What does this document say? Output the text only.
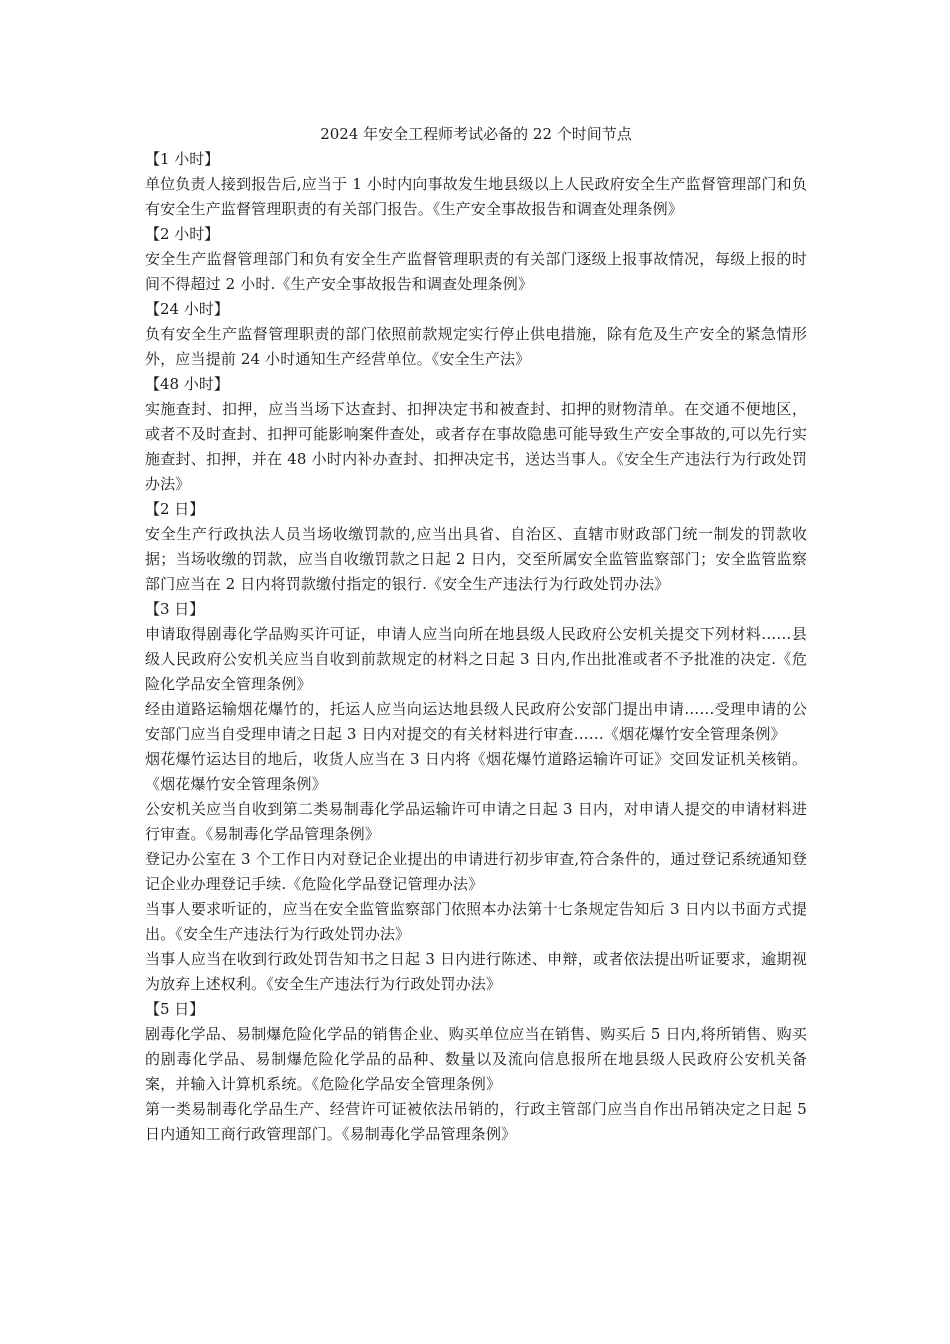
2024 年安全工程师考试必备的 22 个时间节点

【1 小时】

单位负责人接到报告后,应当于 1 小时内向事故发生地县级以上人民政府安全生产监督管理部门和负有安全生产监督管理职责的有关部门报告。《生产安全事故报告和调查处理条例》

【2 小时】

安全生产监督管理部门和负有安全生产监督管理职责的有关部门逐级上报事故情况，每级上报的时间不得超过 2 小时.《生产安全事故报告和调查处理条例》

【24 小时】

负有安全生产监督管理职责的部门依照前款规定实行停止供电措施，除有危及生产安全的紧急情形外，应当提前 24 小时通知生产经营单位。《安全生产法》

【48 小时】

实施查封、扣押，应当当场下达查封、扣押决定书和被查封、扣押的财物清单。在交通不便地区，或者不及时查封、扣押可能影响案件查处，或者存在事故隐患可能导致生产安全事故的,可以先行实施查封、扣押，并在 48 小时内补办查封、扣押决定书，送达当事人。《安全生产违法行为行政处罚办法》

【2 日】

安全生产行政执法人员当场收缴罚款的,应当出具省、自治区、直辖市财政部门统一制发的罚款收据；当场收缴的罚款，应当自收缴罚款之日起 2 日内，交至所属安全监管监察部门；安全监管监察部门应当在 2 日内将罚款缴付指定的银行.《安全生产违法行为行政处罚办法》

【3 日】

申请取得剧毒化学品购买许可证，申请人应当向所在地县级人民政府公安机关提交下列材料……县级人民政府公安机关应当自收到前款规定的材料之日起 3 日内,作出批准或者不予批准的决定.《危险化学品安全管理条例》

经由道路运输烟花爆竹的，托运人应当向运达地县级人民政府公安部门提出申请……受理申请的公安部门应当自受理申请之日起 3 日内对提交的有关材料进行审查……《烟花爆竹安全管理条例》

烟花爆竹运达目的地后，收货人应当在 3 日内将《烟花爆竹道路运输许可证》交回发证机关核销。《烟花爆竹安全管理条例》

公安机关应当自收到第二类易制毒化学品运输许可申请之日起 3 日内，对申请人提交的申请材料进行审查。《易制毒化学品管理条例》

登记办公室在 3 个工作日内对登记企业提出的申请进行初步审查,符合条件的，通过登记系统通知登记企业办理登记手续.《危险化学品登记管理办法》

当事人要求听证的，应当在安全监管监察部门依照本办法第十七条规定告知后 3 日内以书面方式提出。《安全生产违法行为行政处罚办法》

当事人应当在收到行政处罚告知书之日起 3 日内进行陈述、申辩，或者依法提出听证要求，逾期视为放弃上述权利。《安全生产违法行为行政处罚办法》

【5 日】

剧毒化学品、易制爆危险化学品的销售企业、购买单位应当在销售、购买后 5 日内,将所销售、购买的剧毒化学品、易制爆危险化学品的品种、数量以及流向信息报所在地县级人民政府公安机关备案，并输入计算机系统。《危险化学品安全管理条例》

第一类易制毒化学品生产、经营许可证被依法吊销的，行政主管部门应当自作出吊销决定之日起 5 日内通知工商行政管理部门。《易制毒化学品管理条例》
